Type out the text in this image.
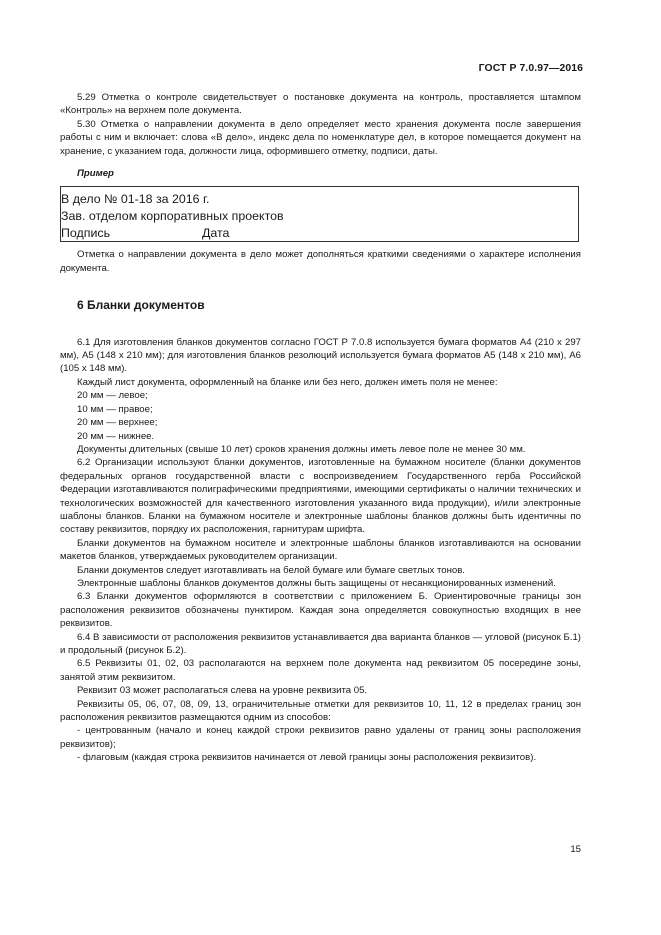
ГОСТ Р 7.0.97—2016

5.29 Отметка о контроле свидетельствует о постановке документа на контроль, проставляется штампом «Контроль» на верхнем поле документа.

5.30 Отметка о направлении документа в дело определяет место хранения документа после завершения работы с ним и включает: слова «В дело», индекс дела по номенклатуре дел, в которое помещается документ на хранение, с указанием года, должности лица, оформившего отметку, подписи, даты.

Пример

В дело № 01-18 за 2016 г.
Зав. отделом корпоративных проектов
Подпись	Дата

Отметка о направлении документа в дело может дополняться краткими сведениями о характере исполнения документа.

6 Бланки документов

6.1 Для изготовления бланков документов согласно ГОСТ Р 7.0.8 используется бумага форматов А4 (210 х 297 мм), А5 (148 х 210 мм); для изготовления бланков резолюций используется бумага форматов А5 (148 х 210 мм), А6 (105 х 148 мм).

Каждый лист документа, оформленный на бланке или без него, должен иметь поля не менее:

20 мм — левое;

10 мм — правое;

20 мм — верхнее;

20 мм — нижнее.

Документы длительных (свыше 10 лет) сроков хранения должны иметь левое поле не менее 30 мм.

6.2 Организации используют бланки документов, изготовленные на бумажном носителе (бланки документов федеральных органов государственной власти с воспроизведением Государственного герба Российской Федерации изготавливаются полиграфическими предприятиями, имеющими сертификаты о наличии технических и технологических возможностей для качественного изготовления указанного вида продукции), и/или электронные шаблоны бланков. Бланки на бумажном носителе и электронные шаблоны бланков должны быть идентичны по составу реквизитов, порядку их расположения, гарнитурам шрифта.

Бланки документов на бумажном носителе и электронные шаблоны бланков изготавливаются на основании макетов бланков, утверждаемых руководителем организации.

Бланки документов следует изготавливать на белой бумаге или бумаге светлых тонов.

Электронные шаблоны бланков документов должны быть защищены от несанкционированных изменений.

6.3 Бланки документов оформляются в соответствии с приложением Б. Ориентировочные границы зон расположения реквизитов обозначены пунктиром. Каждая зона определяется совокупностью входящих в нее реквизитов.

6.4 В зависимости от расположения реквизитов устанавливается два варианта бланков — угловой (рисунок Б.1) и продольный (рисунок Б.2).

6.5 Реквизиты 01, 02, 03 располагаются на верхнем поле документа над реквизитом 05 посередине зоны, занятой этим реквизитом.

Реквизит 03 может располагаться слева на уровне реквизита 05.

Реквизиты 05, 06, 07, 08, 09, 13, ограничительные отметки для реквизитов 10, 11, 12 в пределах границ зон расположения реквизитов размещаются одним из способов:

- центрованным (начало и конец каждой строки реквизитов равно удалены от границ зоны расположения реквизитов);

- флаговым (каждая строка реквизитов начинается от левой границы зоны расположения реквизитов).

15
